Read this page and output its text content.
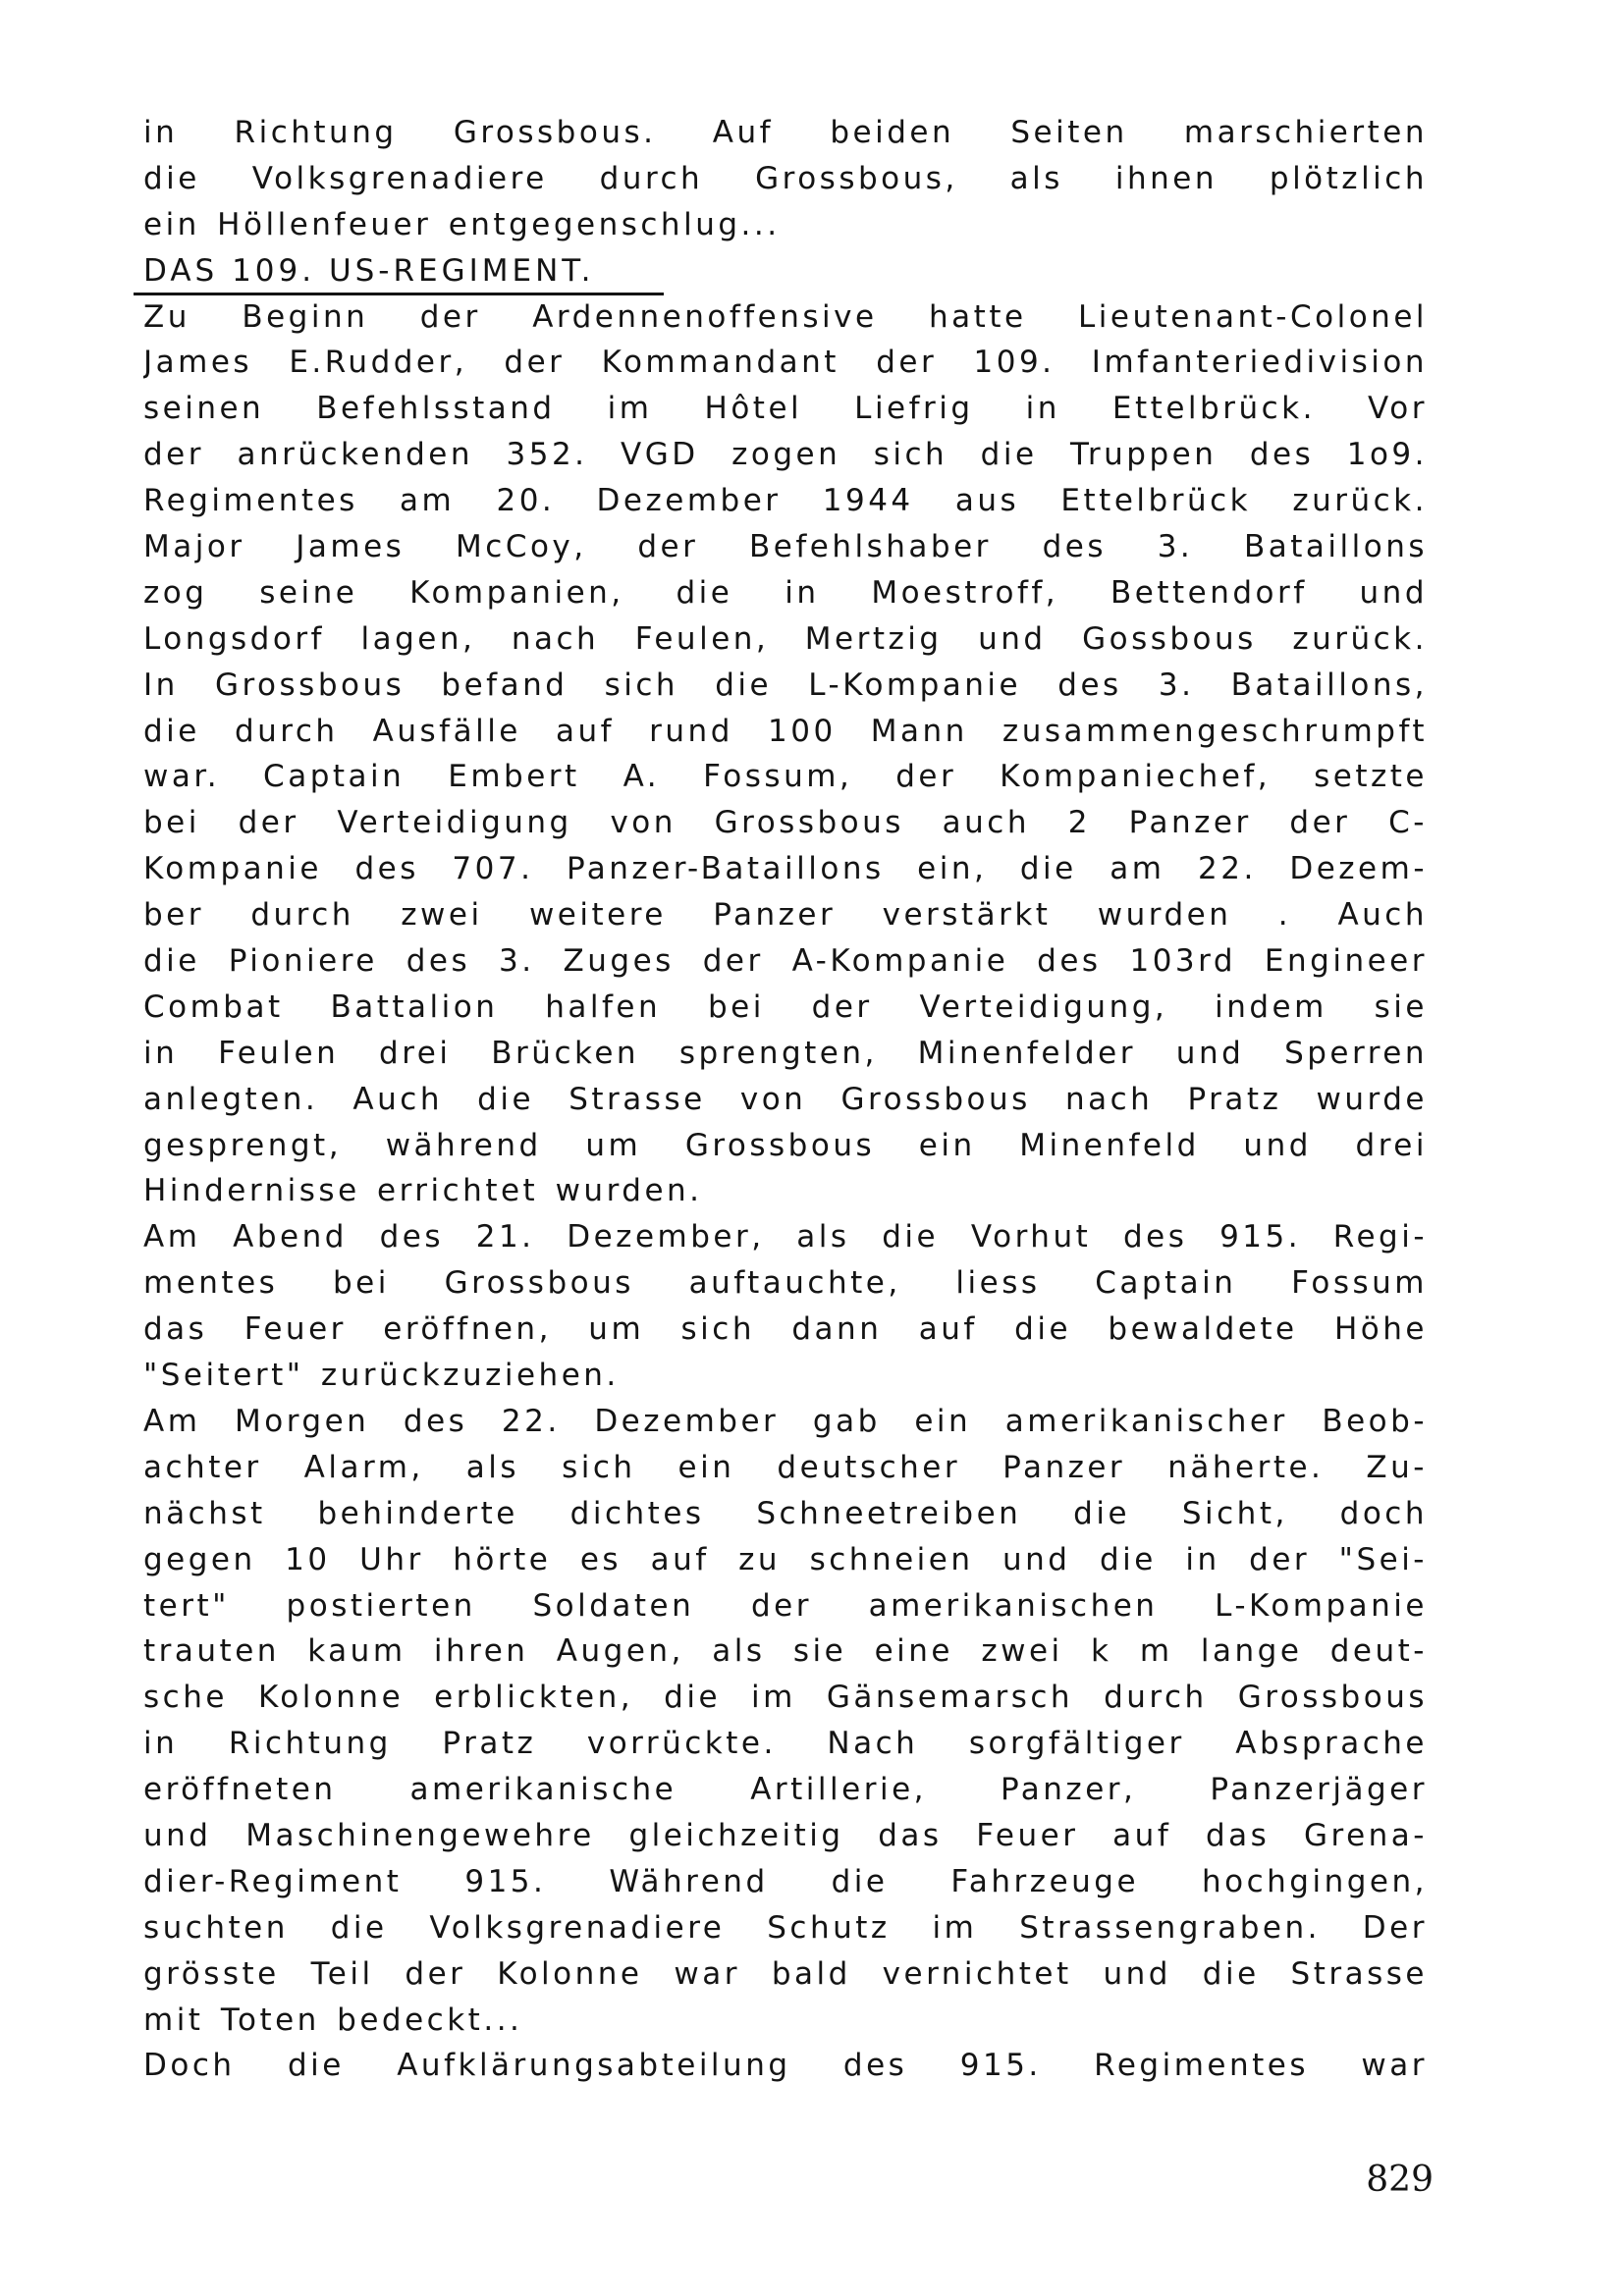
in Richtung Grossbous. Auf beiden Seiten marschierten
die Volksgrenadiere durch Grossbous, als ihnen plötzlich
ein Höllenfeuer entgegenschlug...
DAS 109. US-REGIMENT.
Zu Beginn der Ardennenoffensive hatte Lieutenant-Colonel
James E.Rudder, der Kommandant der 109. Imfanteriedivision
seinen Befehlsstand im Hôtel Liefrig in Ettelbrück. Vor
der anrückenden 352. VGD zogen sich die Truppen des 1o9.
Regimentes am 20. Dezember 1944 aus Ettelbrück zurück.
Major James McCoy, der Befehlshaber des 3. Bataillons
zog seine Kompanien, die in Moestroff, Bettendorf und
Longsdorf lagen, nach Feulen, Mertzig und Gossbous zurück.
In Grossbous befand sich die L-Kompanie des 3. Bataillons,
die durch Ausfälle auf rund 100 Mann zusammengeschrumpft
war. Captain Embert A. Fossum, der Kompaniechef, setzte
bei der Verteidigung von Grossbous auch 2 Panzer der C-
Kompanie des 707. Panzer-Bataillons ein, die am 22. Dezem-
ber durch zwei weitere Panzer verstärkt wurden . Auch
die Pioniere des 3. Zuges der A-Kompanie des 103rd Engineer
Combat Battalion halfen bei der Verteidigung, indem sie
in Feulen drei Brücken sprengten, Minenfelder und Sperren
anlegten. Auch die Strasse von Grossbous nach Pratz wurde
gesprengt, während um Grossbous ein Minenfeld und drei
Hindernisse errichtet wurden.
Am Abend des 21. Dezember, als die Vorhut des 915. Regi-
mentes bei Grossbous auftauchte, liess Captain Fossum
das Feuer eröffnen, um sich dann auf die bewaldete Höhe
"Seitert" zurückzuziehen.
Am Morgen des 22. Dezember gab ein amerikanischer Beob-
achter Alarm, als sich ein deutscher Panzer näherte. Zu-
nächst behinderte dichtes Schneetreiben die Sicht, doch
gegen 10 Uhr hörte es auf zu schneien und die in der "Sei-
tert" postierten Soldaten der amerikanischen L-Kompanie
trauten kaum ihren Augen, als sie eine zwei k m lange deut-
sche Kolonne erblickten, die im Gänsemarsch durch Grossbous
in Richtung Pratz vorrückte. Nach sorgfältiger Absprache
eröffneten amerikanische Artillerie, Panzer, Panzerjäger
und Maschinengewehre gleichzeitig das Feuer auf das Grena-
dier-Regiment 915. Während die Fahrzeuge hochgingen,
suchten die Volksgrenadiere Schutz im Strassengraben. Der
grösste Teil der Kolonne war bald vernichtet und die Strasse
mit Toten bedeckt...
Doch die Aufklärungsabteilung des 915. Regimentes war
829
